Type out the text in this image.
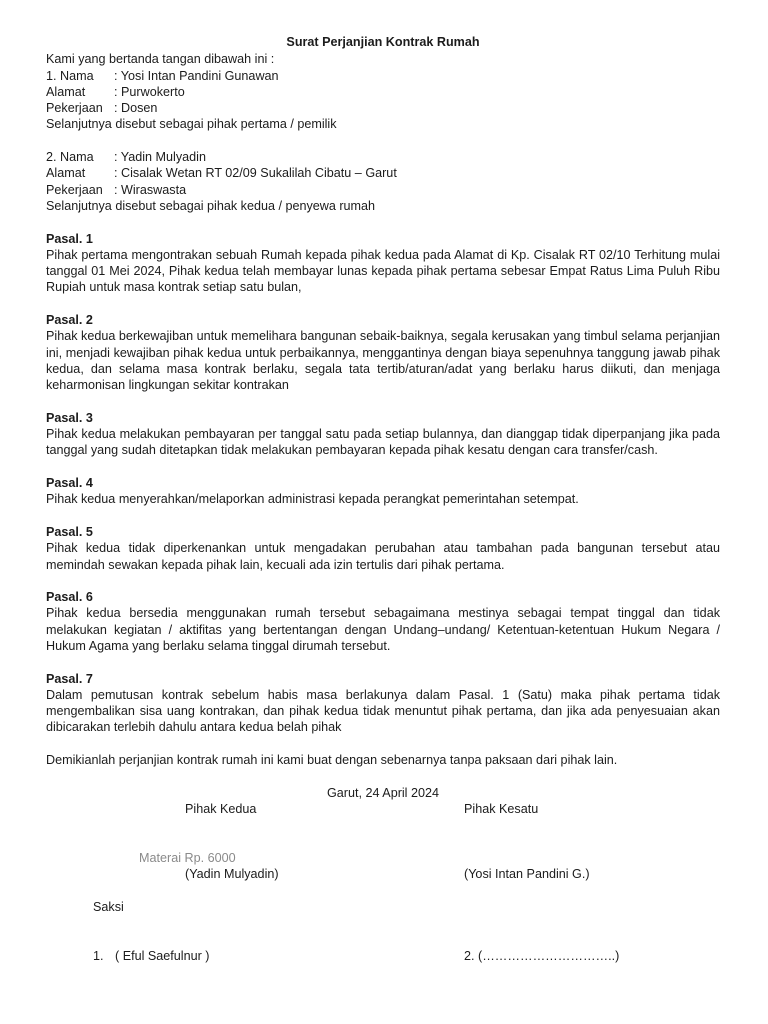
Surat Perjanjian Kontrak Rumah
Kami yang bertanda tangan dibawah ini :
1. Nama	: Yosi Intan Pandini Gunawan
Alamat	: Purwokerto
Pekerjaan : Dosen
Selanjutnya disebut sebagai pihak pertama / pemilik
2. Nama	: Yadin Mulyadin
Alamat	: Cisalak Wetan RT 02/09 Sukalilah Cibatu – Garut
Pekerjaan : Wiraswasta
Selanjutnya disebut sebagai pihak kedua / penyewa rumah
Pasal. 1
Pihak pertama mengontrakan sebuah Rumah kepada pihak kedua pada Alamat di Kp. Cisalak RT 02/10 Terhitung mulai tanggal 01 Mei 2024, Pihak kedua telah membayar lunas kepada pihak pertama sebesar Empat Ratus Lima Puluh Ribu Rupiah untuk masa kontrak setiap satu bulan,
Pasal. 2
Pihak kedua berkewajiban untuk memelihara bangunan sebaik-baiknya, segala kerusakan yang timbul selama perjanjian ini, menjadi kewajiban pihak kedua untuk perbaikannya, menggantinya dengan biaya sepenuhnya tanggung jawab pihak kedua, dan selama masa kontrak berlaku, segala tata tertib/aturan/adat yang berlaku harus diikuti, dan menjaga keharmonisan lingkungan sekitar kontrakan
Pasal. 3
Pihak kedua melakukan pembayaran per tanggal satu pada setiap bulannya, dan dianggap tidak diperpanjang jika pada tanggal yang sudah ditetapkan tidak melakukan pembayaran kepada pihak kesatu dengan cara transfer/cash.
Pasal. 4
Pihak kedua menyerahkan/melaporkan administrasi kepada perangkat pemerintahan setempat.
Pasal. 5
Pihak kedua tidak diperkenankan untuk mengadakan perubahan atau tambahan pada bangunan tersebut atau memindah sewakan kepada pihak lain, kecuali ada izin tertulis dari pihak pertama.
Pasal. 6
Pihak kedua bersedia menggunakan rumah tersebut sebagaimana mestinya sebagai tempat tinggal dan tidak melakukan kegiatan / aktifitas yang bertentangan dengan Undang–undang/ Ketentuan-ketentuan Hukum Negara / Hukum Agama yang berlaku selama tinggal dirumah tersebut.
Pasal. 7
Dalam pemutusan kontrak sebelum habis masa berlakunya dalam Pasal. 1 (Satu) maka pihak pertama tidak mengembalikan sisa uang kontrakan, dan pihak kedua tidak menuntut pihak pertama, dan jika ada penyesuaian akan dibicarakan terlebih dahulu antara kedua belah pihak
Demikianlah perjanjian kontrak rumah ini kami buat dengan sebenarnya tanpa paksaan dari pihak lain.
Garut, 24 April 2024
Pihak Kedua	Pihak Kesatu
Materai Rp. 6000
(Yadin Mulyadin)	(Yosi Intan Pandini G.)
Saksi
1. ( Eful Saefulnur )	2. (…………………………..)
